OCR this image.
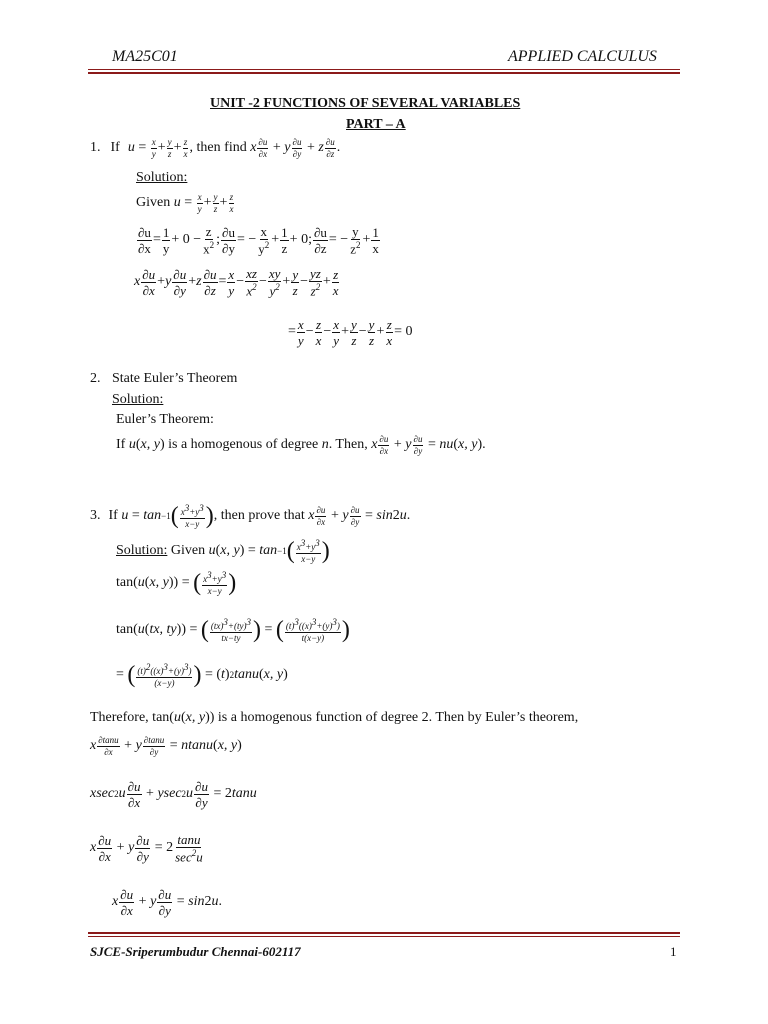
MA25C01	APPLIED CALCULUS
UNIT -2 FUNCTIONS OF SEVERAL VARIABLES
PART – A
1. If u = x
y + y
z + z
x , then find
x ∂u
∂x + y ∂u
∂y + z ∂u
∂z .
Solution:
Given
u = x
y + y
z + z
x
∂u
∂x
= 1
y
+ 0 −
z
$x^2$ ; ∂u
∂y
= −
x
$y^2 + 1$
z
+ 0; ∂u
∂z
= −
y
$z^2 + 1$
x
x ∂u
∂x
+ y ∂u
∂y
+ z ∂u
∂z
= x
y
−
xz
$x^2$ −
xy
$y^2 + y$
z
−
yz
$z^2 + z$
x
= x
y
− z
x
− x
y
+ y
z
− y
z
+ z
x
= 0
2. State Euler’s Theorem
Solution:
Euler’s Theorem:
If
u ( x, y ) is a homogenous of degree
n . Then,
x ∂u
∂x + y ∂u
∂y = nu ( x, y ).
3. If
u = tan −1 ( $x^3+y^3$
x−y ) , then prove that
x ∂u
∂x + y ∂u
∂y = sin 2 u .
Solution:
Given
u ( x, y ) = tan −1 ( $x^3+y^3$
x−y )
tan( u ( x, y )) = ( $x^3+y^3$
x−y )
tan( u ( tx, ty )) = ( (tx)$^3$+(ty)$^3$
tx−ty ) = ( $(t)^3((x)^3+(y)^3)$
t(x−y) )
= ( $(t)^2((x)^3+(y)^3)$
(x−y) ) = ( t ) 2 tanu ( x, y )
Therefore, tan ( u ( x, y )) is a homogenous function of degree 2. Then by Euler’s theorem,
x ∂tanu
∂x + y ∂tanu
∂y = ntanu ( x, y )
xsec 2 u ∂u
∂x
+ ysec 2 u ∂u
∂y
= 2 tanu
x ∂u
∂x
+ y ∂u
∂y
= 2
tanu
$\sec^2u$
x ∂u
∂x
+ y ∂u
∂y
= sin 2 u .
SJCE-Sriperumbudur Chennai-602117	1
